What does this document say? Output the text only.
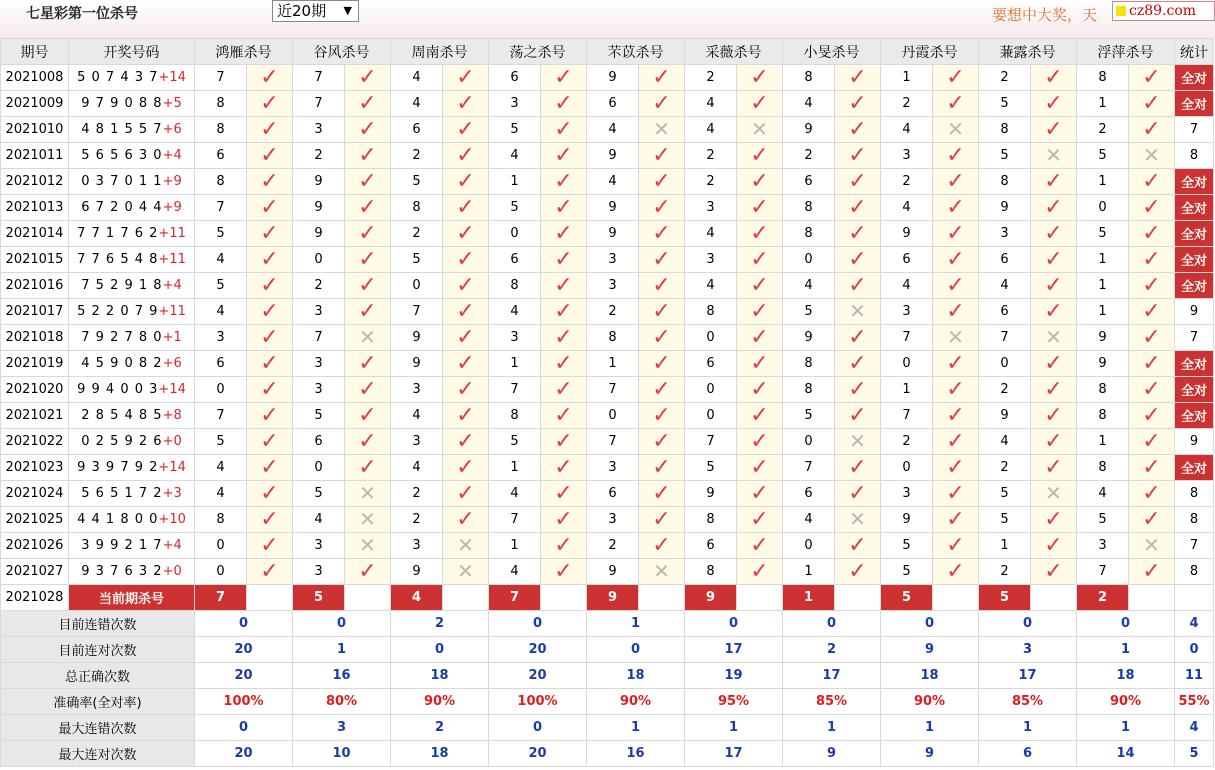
七星彩第一位杀号	近20期 ▼	要想中大奖，天	cz89.com
期号	开奖号码	鸿雁杀号		谷风杀号		周南杀号		荡之杀号		芣苡杀号		采薇杀号		小旻杀号		丹霞杀号		蒹露杀号		浮萍杀号		统计
2021008	5 0 7 4 3 7+14	7	✓	7	✓	4	✓	6	✓	9	✓	2	✓	8	✓	1	✓	2	✓	8	✓	全对
2021009	9 7 9 0 8 8+5	8	✓	7	✓	4	✓	3	✓	6	✓	4	✓	4	✓	2	✓	5	✓	1	✓	全对
2021010	4 8 1 5 5 7+6	8	✓	3	✓	6	✓	5	✓	4	✕	4	✕	9	✓	4	✕	8	✓	2	✓	7
2021011	5 6 5 6 3 0+4	6	✓	2	✓	2	✓	4	✓	9	✓	2	✓	2	✓	3	✓	5	✕	5	✕	8
2021012	0 3 7 0 1 1+9	8	✓	9	✓	5	✓	1	✓	4	✓	2	✓	6	✓	2	✓	8	✓	1	✓	全对
2021013	6 7 2 0 4 4+9	7	✓	9	✓	8	✓	5	✓	9	✓	3	✓	8	✓	4	✓	9	✓	0	✓	全对
2021014	7 7 1 7 6 2+11	5	✓	9	✓	2	✓	0	✓	9	✓	4	✓	8	✓	9	✓	3	✓	5	✓	全对
2021015	7 7 6 5 4 8+11	4	✓	0	✓	5	✓	6	✓	3	✓	3	✓	0	✓	6	✓	6	✓	1	✓	全对
2021016	7 5 2 9 1 8+4	5	✓	2	✓	0	✓	8	✓	3	✓	4	✓	4	✓	4	✓	4	✓	1	✓	全对
2021017	5 2 2 0 7 9+11	4	✓	3	✓	7	✓	4	✓	2	✓	8	✓	5	✕	3	✓	6	✓	1	✓	9
2021018	7 9 2 7 8 0+1	3	✓	7	✕	9	✓	3	✓	8	✓	0	✓	9	✓	7	✕	7	✕	9	✓	7
2021019	4 5 9 0 8 2+6	6	✓	3	✓	9	✓	1	✓	1	✓	6	✓	8	✓	0	✓	0	✓	9	✓	全对
2021020	9 9 4 0 0 3+14	0	✓	3	✓	3	✓	7	✓	7	✓	0	✓	8	✓	1	✓	2	✓	8	✓	全对
2021021	2 8 5 4 8 5+8	7	✓	5	✓	4	✓	8	✓	0	✓	0	✓	5	✓	7	✓	9	✓	8	✓	全对
2021022	0 2 5 9 2 6+0	5	✓	6	✓	3	✓	5	✓	7	✓	7	✓	0	✕	2	✓	4	✓	1	✓	9
2021023	9 3 9 7 9 2+14	4	✓	0	✓	4	✓	1	✓	3	✓	5	✓	7	✓	0	✓	2	✓	8	✓	全对
2021024	5 6 5 1 7 2+3	4	✓	5	✕	2	✓	4	✓	6	✓	9	✓	6	✓	3	✓	5	✕	4	✓	8
2021025	4 4 1 8 0 0+10	8	✓	4	✕	2	✓	7	✓	3	✓	8	✓	4	✕	9	✓	5	✓	5	✓	8
2021026	3 9 9 2 1 7+4	0	✓	3	✕	3	✕	1	✓	2	✓	6	✓	0	✓	5	✓	1	✓	3	✕	7
2021027	9 3 7 6 3 2+0	0	✓	3	✓	9	✕	4	✓	9	✕	8	✓	1	✓	5	✓	2	✓	7	✓	8
2021028	当前期杀号	7		5		4		7		9		9		1		5		5		2		
目前连错次数		0		0		2		0		1		0		0		0		0		0		4
目前连对次数		20		1		0		20		0		17		2		9		3		1		0
总正确次数		20		16		18		20		18		19		17		18		17		18		11
准确率(全对率)		100%		80%		90%		100%		90%		95%		85%		90%		85%		90%		55%
最大连错次数		0		3		2		0		1		1		1		1		1		1		4
最大连对次数		20		10		18		20		16		17		9		9		6		14		5
